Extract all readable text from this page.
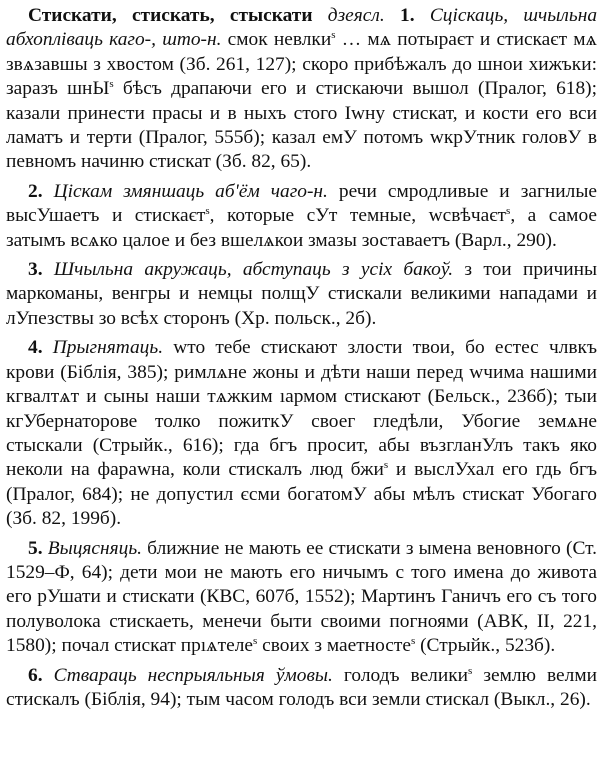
Стискати, стискать, стыскати дзеясл. 1. Сціскаць, шчыльна абхопліваць каго-, што-н. смок невлки$^s$ … мѧ потыраєт и стискаєт мѧ звѧзавшы з хвостом (Зб. 261, 127); скоро прибѣжалъ до шнои хижъки: заразъ шнЫ$^s$ бѣсъ драпаючи его и стискаючи вышол (Пралог, 618); казали принести прасы и в ныхъ стого Iwну стискат, и кости его вси ламатъ и терти (Пралог, 555б); казал емУ потомъ wкрУтник головУ в певномъ начиню стискат (Зб. 82, 65).

2. Ціскам змяншаць аб'ём чаго-н. речи смродливые и загнилые высУшаетъ и стискаєт$^s$, которые сУт темные, wсвѣчаєт$^s$, а самое затымъ всѧко цалое и без вшелѧкои змазы зоставаетъ (Варл., 290).

3. Шчыльна акружаць, абступаць з усіх бакоў. з тои причины маркоманы, венгры и немцы полщУ стискали великими нападами и лУпезствы зо всѣх сторонъ (Хр. польск., 2б).

4. Прыгнятаць. wто тебе стискают злости твои, бо естес члвкъ крови (Біблія, 385); римлѧне жоны и дѣти наши перед wчима нашими кгвалтѧт и сыны наши тѧжким ıармом стискают (Бельск., 236б); тыи кгУбернаторове толко пожиткУ своег гледѣли, Убогие земѧне стыскали (Стрыйк., 616); гда бгъ просит, абы възгланУлъ такъ яко неколи на фараwна, коли стискалъ люд бжи$^s$ и выслУхал его гдь бгъ (Пралог, 684); не допустил єсми богатомУ абы мѣлъ стискат Убогаго (Зб. 82, 199б).

5. Выцясняць. ближние не мають ее стискати з ымена веновного (Ст. 1529–Ф, 64); дети мои не мають его ничымъ с того имена до живота его рУшати и стискати (КВС, 607б, 1552); Мартинъ Ганичъ его съ того полуволока стискаеть, менечи быти своими погноями (АВК, II, 221, 1580); почал стискат прıѧтеле$^s$ своих з маетносте$^s$ (Стрыйк., 523б).

6. Ствараць неспрыяльныя ўмовы. голодъ велики$^s$ землю велми стискалъ (Біблія, 94); тым часом голодъ вси земли стискал (Выкл., 26).
